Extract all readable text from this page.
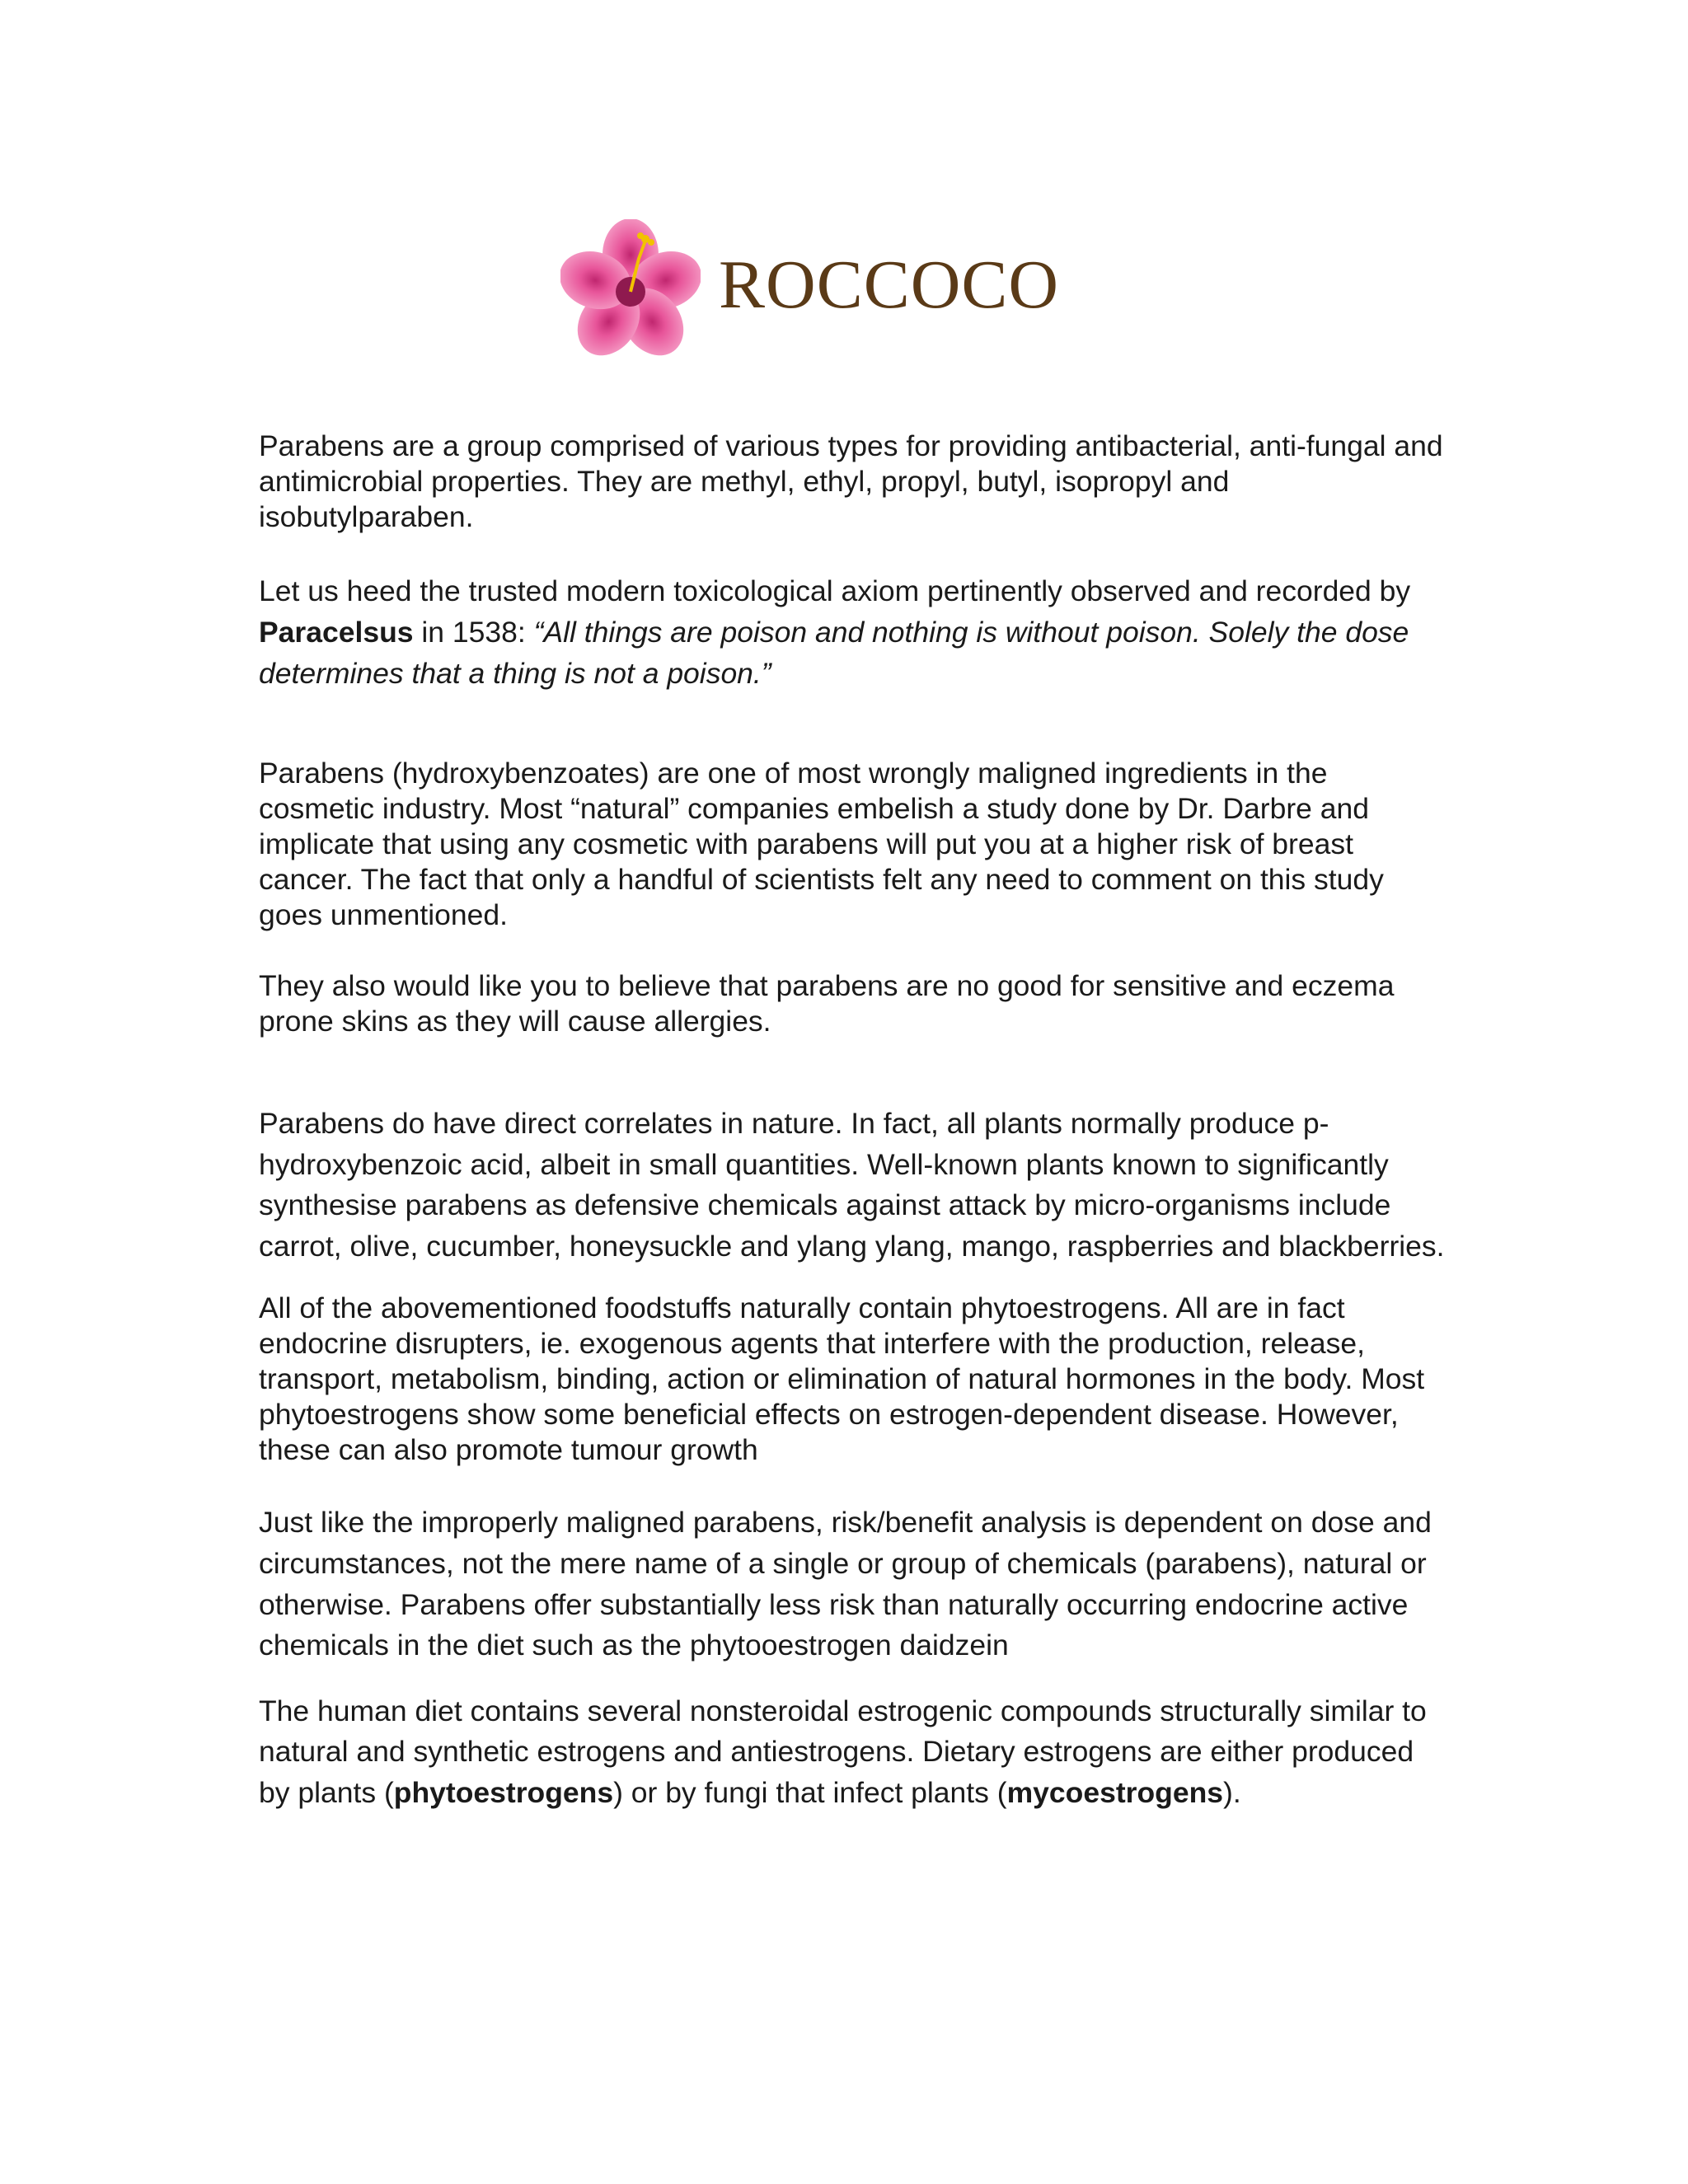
ROCCOCO

Parabens are a group comprised of various types for providing antibacterial, anti-fungal and antimicrobial properties. They are methyl, ethyl, propyl, butyl, isopropyl and isobutylparaben.

Let us heed the trusted modern toxicological axiom pertinently observed and recorded by Paracelsus in 1538: “All things are poison and nothing is without poison. Solely the dose determines that a thing is not a poison.”

Parabens (hydroxybenzoates) are one of most wrongly maligned ingredients in the cosmetic industry. Most “natural” companies embelish a study done by Dr. Darbre and implicate that using any cosmetic with parabens will put you at a higher risk of breast cancer. The fact that only a handful of scientists felt any need to comment on this study goes unmentioned.

They also would like you to believe that parabens are no good for sensitive and eczema prone skins as they will cause allergies.

Parabens do have direct correlates in nature. In fact, all plants normally produce p-hydroxybenzoic acid, albeit in small quantities. Well-known plants known to significantly synthesise parabens as defensive chemicals against attack by micro-organisms include carrot, olive, cucumber, honeysuckle and ylang ylang, mango, raspberries and blackberries.

All of the abovementioned foodstuffs naturally contain phytoestrogens. All are in fact endocrine disrupters, ie. exogenous agents that interfere with the production, release, transport, metabolism, binding, action or elimination of natural hormones in the body. Most phytoestrogens show some beneficial effects on estrogen-dependent disease. However, these can also promote tumour growth

Just like the improperly maligned parabens, risk/benefit analysis is dependent on dose and circumstances, not the mere name of a single or group of chemicals (parabens), natural or otherwise. Parabens offer substantially less risk than naturally occurring endocrine active chemicals in the diet such as the phytooestrogen daidzein

The human diet contains several nonsteroidal estrogenic compounds structurally similar to natural and synthetic estrogens and antiestrogens. Dietary estrogens are either produced by plants (phytoestrogens) or by fungi that infect plants (mycoestrogens).
